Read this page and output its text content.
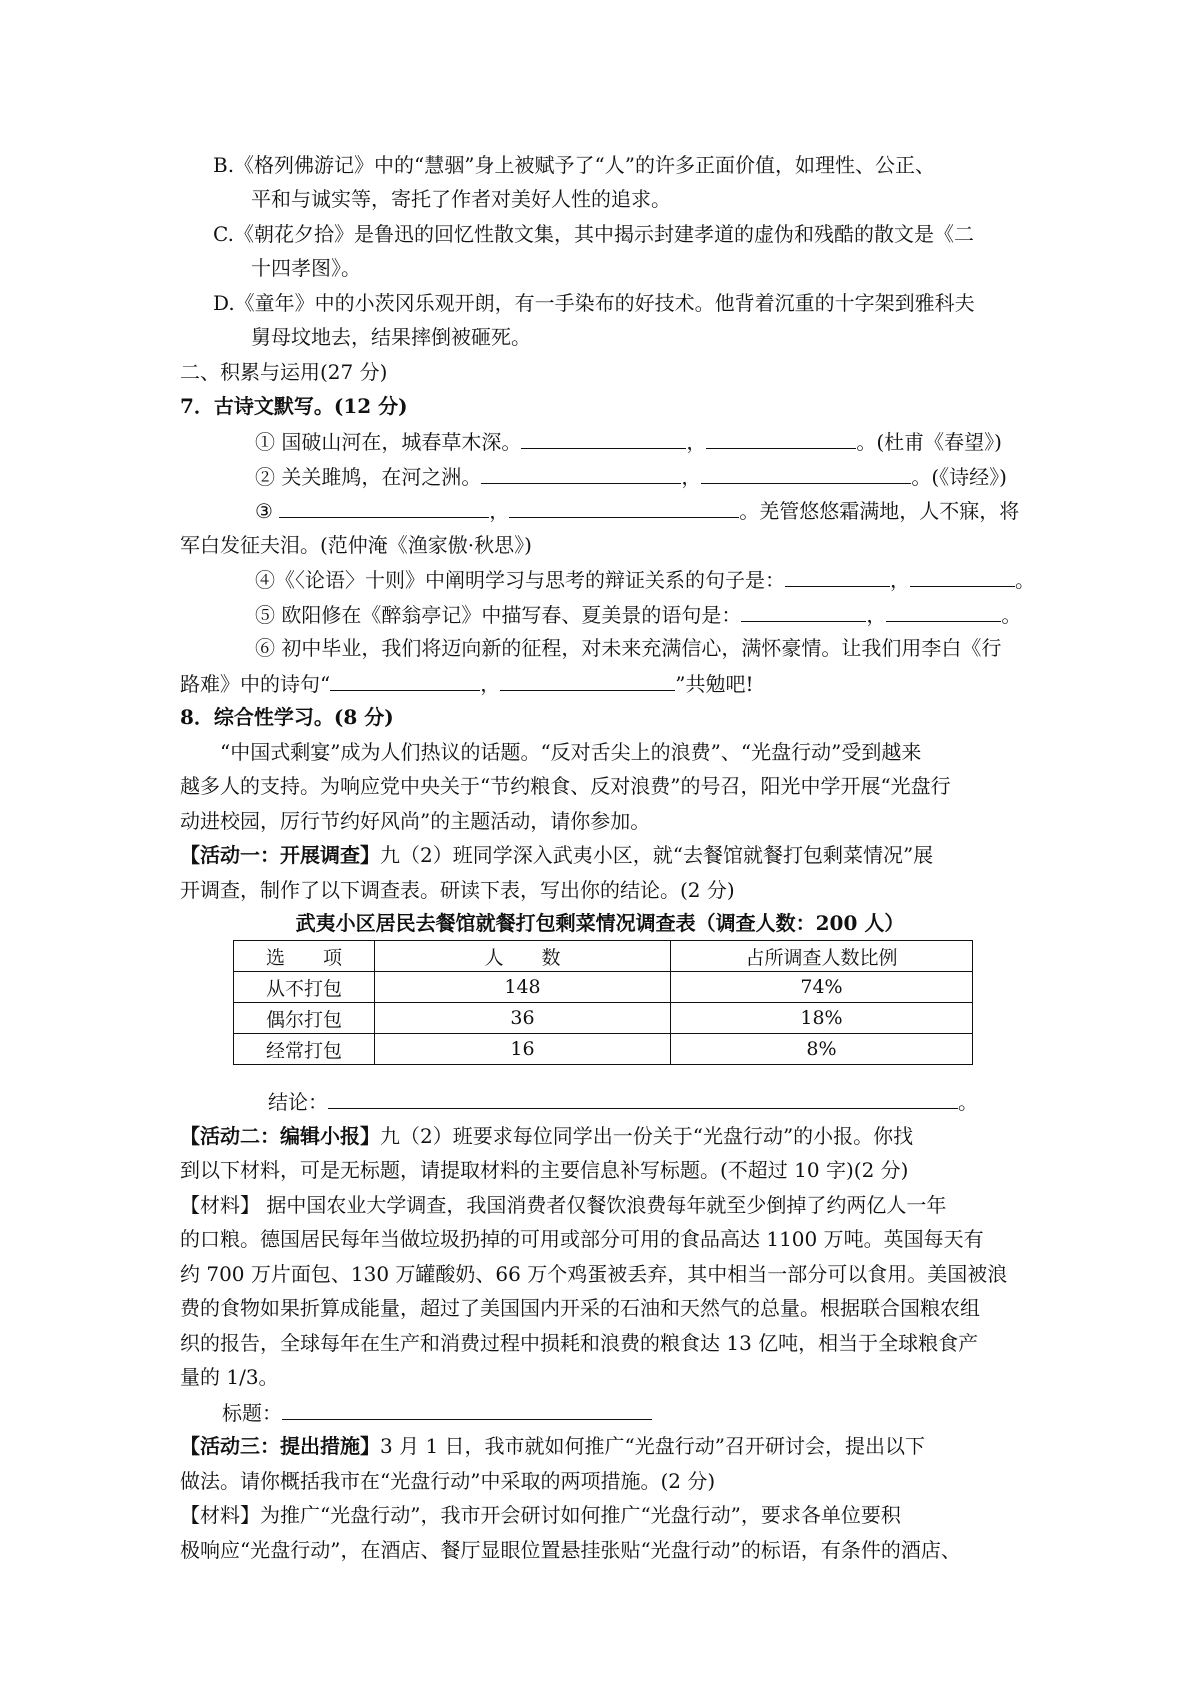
B.《格列佛游记》中的“慧骃”身上被赋予了“人”的许多正面价值，如理性、公正、
平和与诚实等，寄托了作者对美好人性的追求。
C.《朝花夕拾》是鲁迅的回忆性散文集，其中揭示封建孝道的虚伪和残酷的散文是《二
十四孝图》。
D.《童年》中的小茨冈乐观开朗，有一手染布的好技术。他背着沉重的十字架到雅科夫
舅母坟地去，结果摔倒被砸死。
二、积累与运用(27 分)
7．古诗文默写。(12 分)
① 国破山河在，城春草木深。	，	。(杜甫《春望》)
② 关关雎鸠，在河之洲。	，	。(《诗经》)
③	，	。羌管悠悠霜满地，人不寐，将
军白发征夫泪。(范仲淹《渔家傲·秋思》)
④《〈论语〉十则》中阐明学习与思考的辩证关系的句子是：	，	。
⑤ 欧阳修在《醉翁亭记》中描写春、夏美景的语句是：	，	。
⑥ 初中毕业，我们将迈向新的征程，对未来充满信心，满怀豪情。让我们用李白《行
路难》中的诗句“	，	”共勉吧!
8．综合性学习。(8 分)
“中国式剩宴”成为人们热议的话题。“反对舌尖上的浪费”、“光盘行动”受到越来
越多人的支持。为响应党中央关于“节约粮食、反对浪费”的号召，阳光中学开展“光盘行
动进校园，厉行节约好风尚”的主题活动，请你参加。
【活动一：开展调查】九（2）班同学深入武夷小区，就“去餐馆就餐打包剩菜情况”展
开调查，制作了以下调查表。研读下表，写出你的结论。(2 分)
武夷小区居民去餐馆就餐打包剩菜情况调查表（调查人数：200 人）
选　　项	人　　数	占所调查人数比例
从不打包	148	74%
偶尔打包	36	18%
经常打包	16	8%
结论：	。
【活动二：编辑小报】九（2）班要求每位同学出一份关于“光盘行动”的小报。你找
到以下材料，可是无标题，请提取材料的主要信息补写标题。(不超过 10 字)(2 分)
【材料】 据中国农业大学调查，我国消费者仅餐饮浪费每年就至少倒掉了约两亿人一年
的口粮。德国居民每年当做垃圾扔掉的可用或部分可用的食品高达 1100 万吨。英国每天有
约 700 万片面包、130 万罐酸奶、66 万个鸡蛋被丢弃，其中相当一部分可以食用。美国被浪
费的食物如果折算成能量，超过了美国国内开采的石油和天然气的总量。根据联合国粮农组
织的报告，全球每年在生产和消费过程中损耗和浪费的粮食达 13 亿吨，相当于全球粮食产
量的 1/3。
标题：
【活动三：提出措施】3 月 1 日，我市就如何推广“光盘行动”召开研讨会，提出以下
做法。请你概括我市在“光盘行动”中采取的两项措施。(2 分)
【材料】为推广“光盘行动”，我市开会研讨如何推广“光盘行动”，要求各单位要积
极响应“光盘行动”，在酒店、餐厅显眼位置悬挂张贴“光盘行动”的标语，有条件的酒店、
